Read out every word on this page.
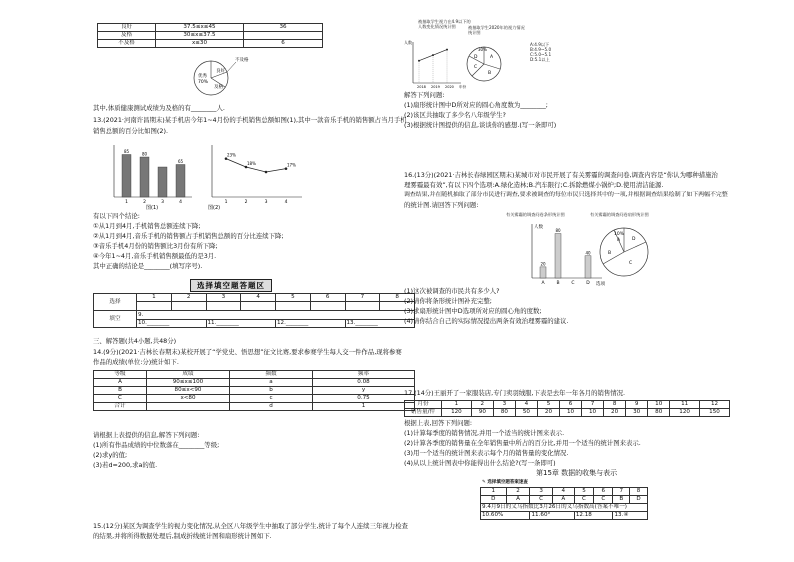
良好	37.5≤x≤45	36
及格	30≤x≤37.5	
不及格	x≤30	6
不及格
良好
优秀
70%
及格
其中,体质健康测试成绩为及格的有________人.
13.(2021·河南许昌期末)某手机店今年1~4月份的手机销售总额如图(1),其中一款音乐手机的销售额占当月手机
销售总额的百分比如图(2).
1
85
2
80
3	4
65
图(1)
1
23%
2
18%
3	4
17%
图(2)
有以下四个结论:
①从1月到4月,手机销售总额连续下降;
②从1月到4月,音乐手机的销售额占手机销售总额的百分比连续下降;
③音乐手机4月份的销售额比3月份有所下降;
④今年1~4月,音乐手机销售额最低的是3月.
其中正确的结论是________(填写序号).
选择填空题答题区
选择	1	2	3	4	5	6	7	8

填空	9.							
	10.________		11.________		12.________		13.________	
三、解答题(共4小题,共48分)
14.(9分)(2021·吉林长春期末)某校开展了“学党史、悟思想”征文比赛,要求参赛学生每人交一件作品,现将参赛
作品的成绩(单位:分)统计如下.
等级	成绩	频数	频率
A	90≤x≤100	a	0.08
B	80≤x<90	b	y
C	x<80	c	0.75
合计		d	1
请根据上表提供的信息,解答下列问题:
(1)所有作品成绩的中位数落在________等级;
(2)求y的值;
(3)若d=200,求a的值.
15.(12分)某区为调查学生的视力变化情况,从全区八年级学生中抽取了部分学生,统计了每个人连续三年视力检查
的结果,并将所得数据处理后,制成折线统计图和扇形统计图如下.
被抽取学生视力在4.9以下的人数变化情况统计图	被抽取学生2020年的视力情况统计图
人数
2018 2019 2020 年份
A
B
C
D
30%
A:4.9以下
B:4.9~5.0
C:5.0~5.1
D:5.1以上
解答下列问题:
(1)扇形统计图中D所对应的圆心角度数为________;
(2)该区共抽取了多少名八年级学生?
(3)根据统计图提供的信息,谈谈你的感想.(写一条即可)
16.(13分)(2021·吉林长春绿园区期末)某城市对市民开展了有关雾霾的调查问卷,调查内容是“你认为哪种措施治
理雾霾最有效”,有以下四个选项:A.绿化造林;B.汽车限行;C.拆除燃煤小锅炉;D.使用清洁能源.
调查结果,并在随机抽取了部分市民进行调查,要求被调查的每位市民只选择其中的一项,并根据调查结果绘制了如下两幅不完整
的统计图.请回答下列问题:
有关雾霾的调查问卷条形统计图	有关雾霾的调查问卷扇形统计图
人数
选项
A
20
B
80
C	D
40
10%
A
B
C
D
(1)这次被调查的市民共有多少人?
(2)请你将条形统计图补充完整;
(3)求扇形统计图中D选项所对应的圆心角的度数;
(4)请你结合自己的实际情况提出两条有效治理雾霾的建议.
17.(14分)王丽开了一家服装店,专门卖羽绒服,下表是去年一年各月的销售情况.
月份	1	2	3	4	5	6	7	8	9	10	11	12
销售量/件	120	90	80	50	20	10	10	20	30	80	120	150
根据上表,回答下列问题:
(1)计算每季度的销售情况,并用一个适当的统计图来表示.
(2)计算各季度的销售量在全年销售量中所占的百分比,并用一个适当的统计图来表示.
(3)用一个适当的统计图来表示每个月的销售量的变化情况.
(4)从以上统计图表中你能得出什么结论?(写一条即可)
第15章 数据的收集与表示
✎ 选择填空题答案速查
1	2	3	4	5	6	7	8
D	A	C	A	C	C	B	D
9.4月9日的义乌指数比3月26日的义乌指数高(答案不唯一)							
10.60%		11.60°		12.18		13.④	
